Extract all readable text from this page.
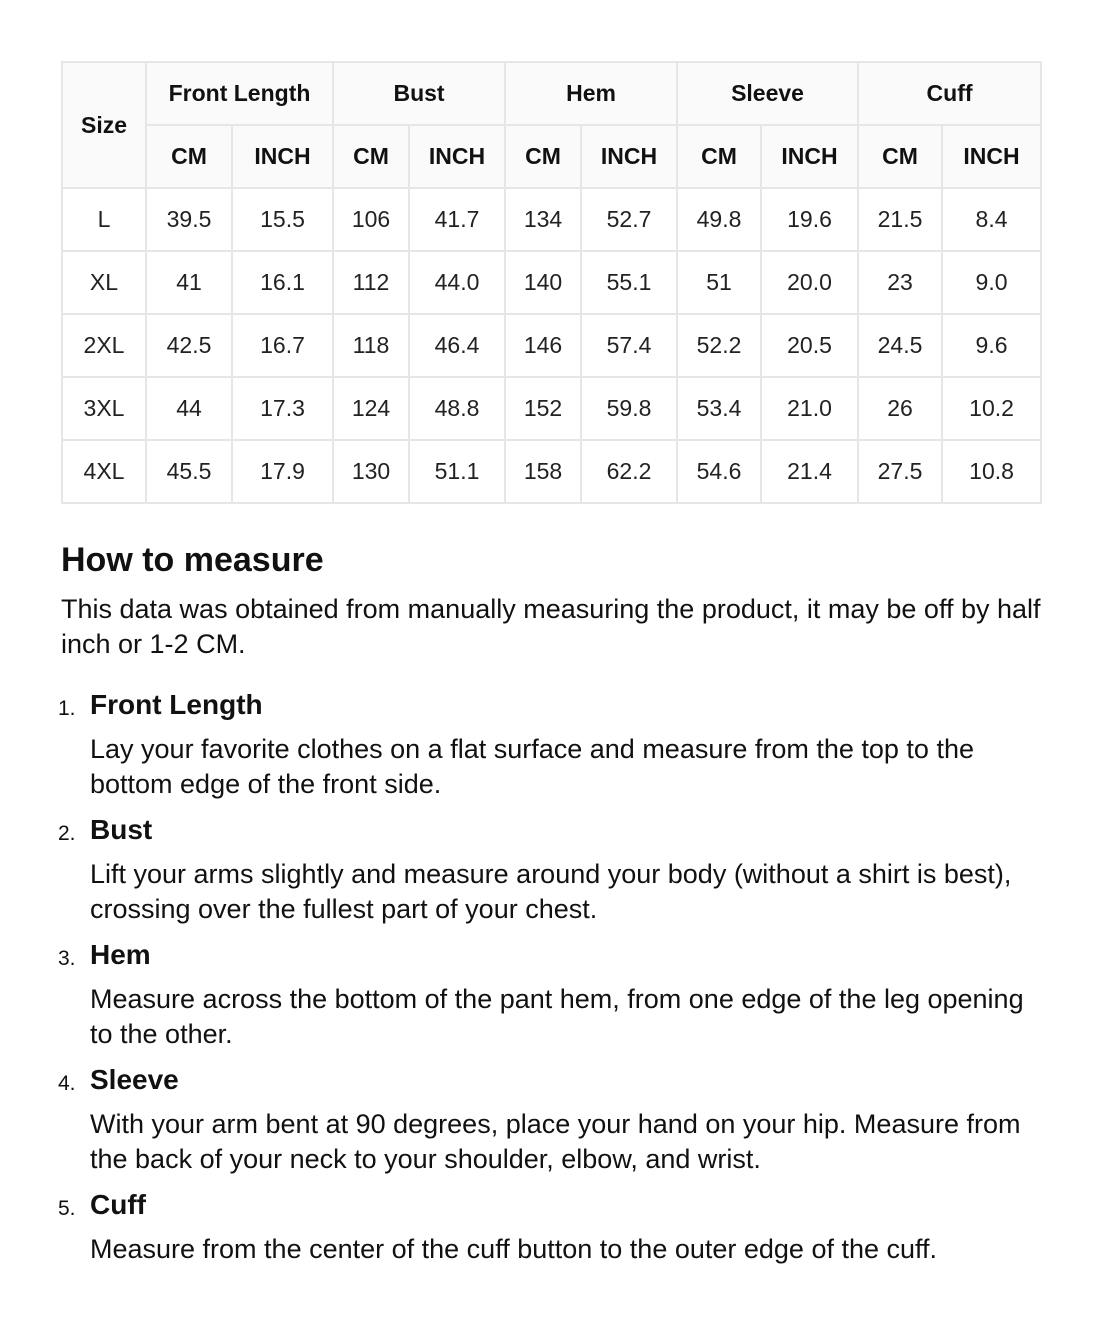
Size	Front Length		Bust		Hem		Sleeve		Cuff	
	CM	INCH	CM	INCH	CM	INCH	CM	INCH	CM	INCH
L	39.5	15.5	106	41.7	134	52.7	49.8	19.6	21.5	8.4
XL	41	16.1	112	44.0	140	55.1	51	20.0	23	9.0
2XL	42.5	16.7	118	46.4	146	57.4	52.2	20.5	24.5	9.6
3XL	44	17.3	124	48.8	152	59.8	53.4	21.0	26	10.2
4XL	45.5	17.9	130	51.1	158	62.2	54.6	21.4	27.5	10.8
How to measure

This data was obtained from manually measuring the product, it may be off by half inch or 1-2 CM.

1. Front Length
Lay your favorite clothes on a flat surface and measure from the top to the bottom edge of the front side.
2. Bust
Lift your arms slightly and measure around your body (without a shirt is best), crossing over the fullest part of your chest.
3. Hem
Measure across the bottom of the pant hem, from one edge of the leg opening to the other.
4. Sleeve
With your arm bent at 90 degrees, place your hand on your hip. Measure from the back of your neck to your shoulder, elbow, and wrist.
5. Cuff
Measure from the center of the cuff button to the outer edge of the cuff.
